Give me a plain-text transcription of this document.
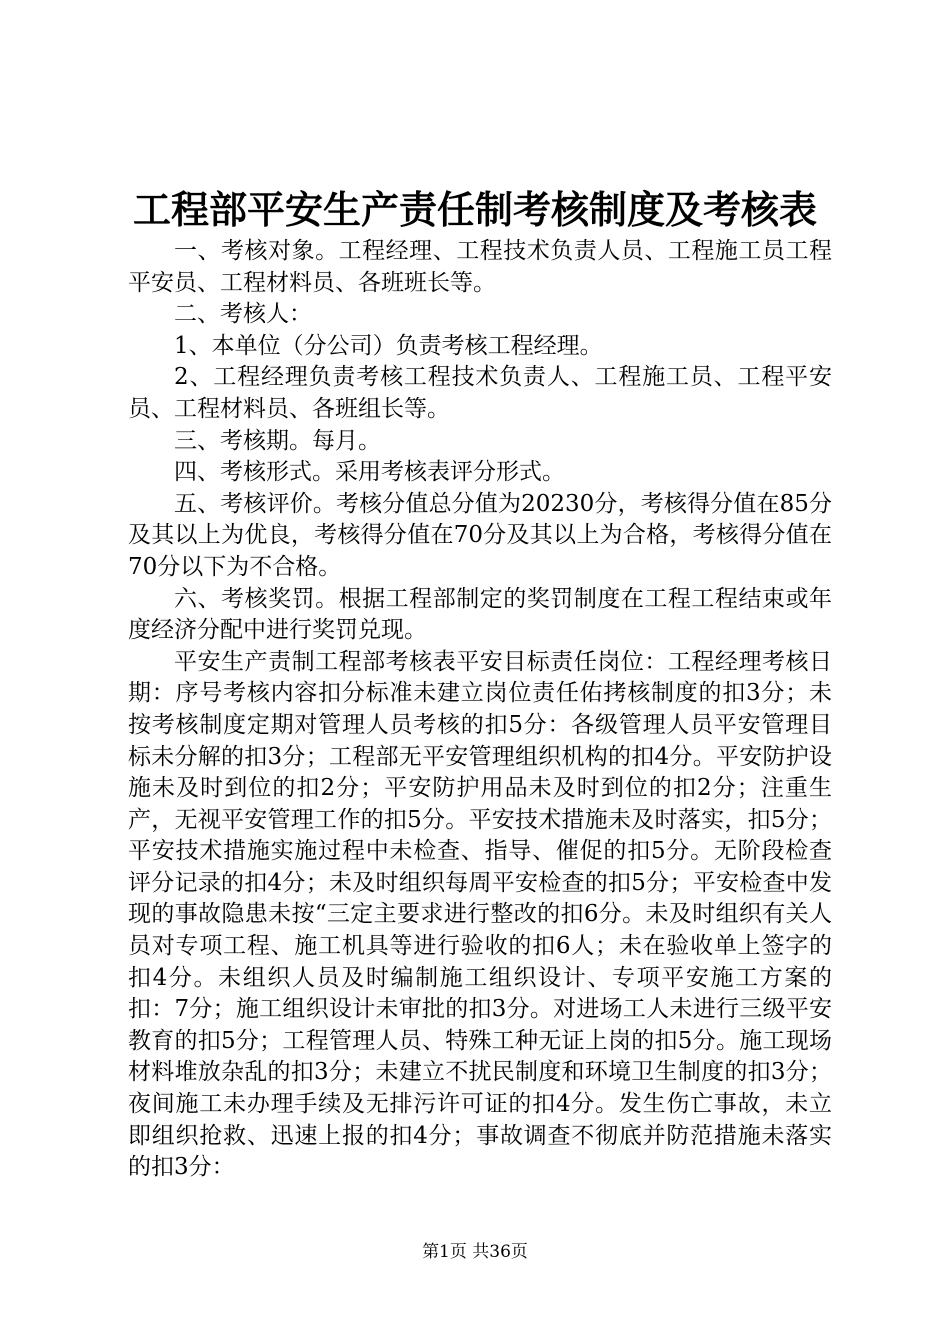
工程部平安生产责任制考核制度及考核表

一、考核对象。工程经理、工程技术负责人员、工程施工员工程平安员、工程材料员、各班班长等。

二、考核人：

1、本单位（分公司）负责考核工程经理。

2、工程经理负责考核工程技术负责人、工程施工员、工程平安员、工程材料员、各班组长等。

三、考核期。每月。

四、考核形式。采用考核表评分形式。

五、考核评价。考核分值总分值为20230分，考核得分值在85分及其以上为优良，考核得分值在70分及其以上为合格，考核得分值在70分以下为不合格。

六、考核奖罚。根据工程部制定的奖罚制度在工程工程结束或年度经济分配中进行奖罚兑现。

平安生产责制工程部考核表平安目标责任岗位：工程经理考核日期：序号考核内容扣分标准未建立岗位责任佑拷核制度的扣3分；未按考核制度定期对管理人员考核的扣5分：各级管理人员平安管理目标未分解的扣3分；工程部无平安管理组织机构的扣4分。平安防护设施未及时到位的扣2分；平安防护用品未及时到位的扣2分；注重生产，无视平安管理工作的扣5分。平安技术措施未及时落实，扣5分；平安技术措施实施过程中未检查、指导、催促的扣5分。无阶段检查评分记录的扣4分；未及时组织每周平安检查的扣5分；平安检查中发现的事故隐患未按“三定主要求进行整改的扣6分。未及时组织有关人员对专项工程、施工机具等进行验收的扣6人；未在验收单上签字的扣4分。未组织人员及时编制施工组织设计、专项平安施工方案的扣：7分；施工组织设计未审批的扣3分。对进场工人未进行三级平安教育的扣5分；工程管理人员、特殊工种无证上岗的扣5分。施工现场材料堆放杂乱的扣3分；未建立不扰民制度和环境卫生制度的扣3分；夜间施工未办理手续及无排污许可证的扣4分。发生伤亡事故，未立即组织抢救、迅速上报的扣4分；事故调查不彻底并防范措施未落实的扣3分：

第1页 共36页
